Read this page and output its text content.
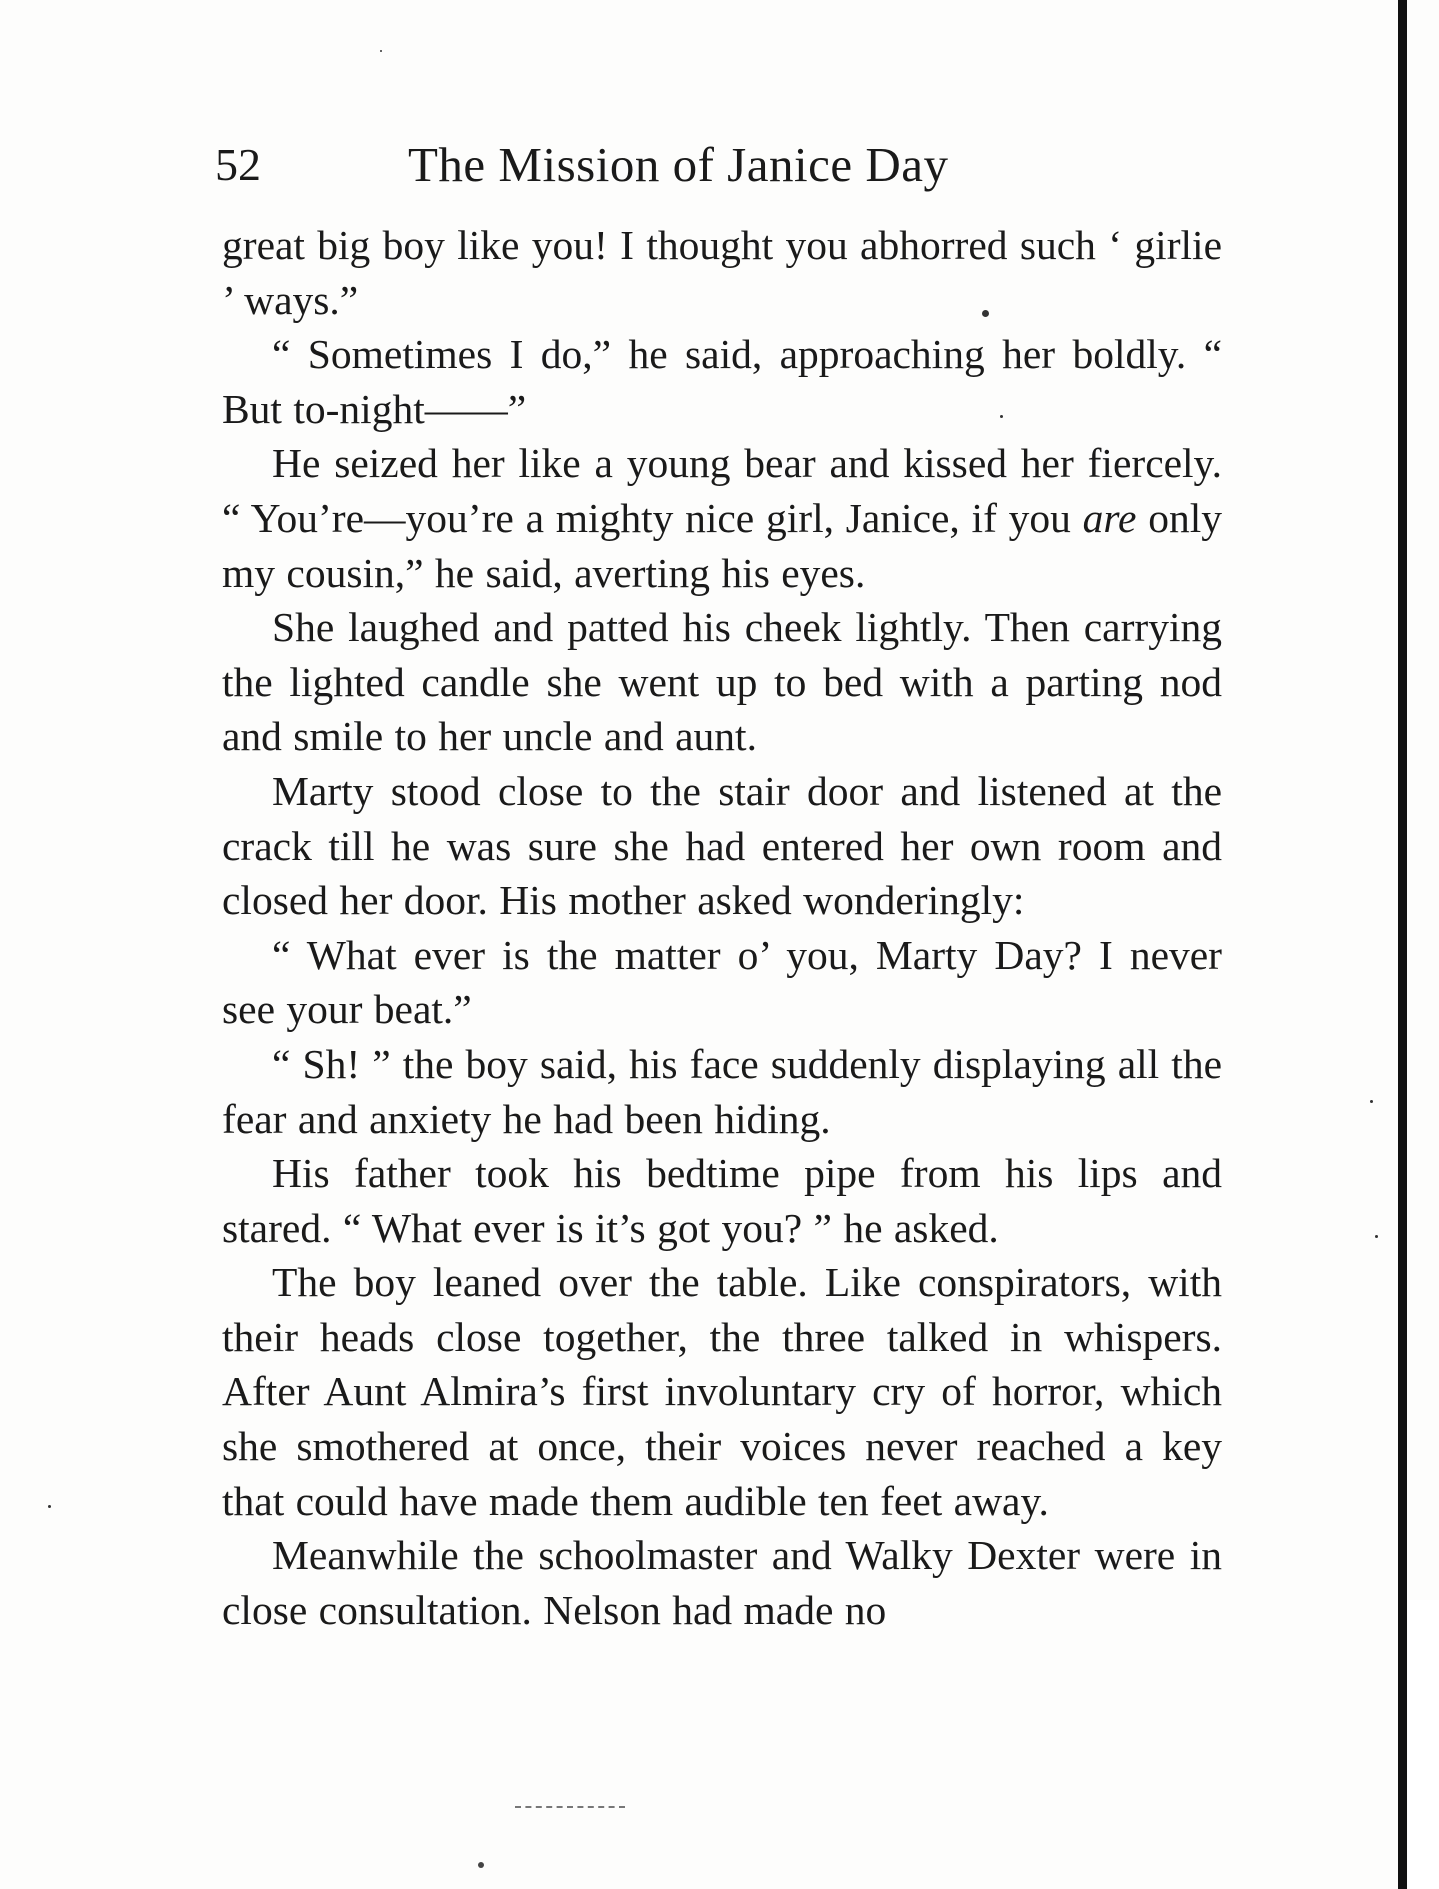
52	The Mission of Janice Day

great big boy like you! I thought you abhorred such ‘ girlie ’ ways.”

“ Sometimes I do,” he said, approaching her boldly. “ But to-night——”

He seized her like a young bear and kissed her fiercely. “ You’re—you’re a mighty nice girl, Janice, if you are only my cousin,” he said, averting his eyes.

She laughed and patted his cheek lightly. Then carrying the lighted candle she went up to bed with a parting nod and smile to her uncle and aunt.

Marty stood close to the stair door and listened at the crack till he was sure she had entered her own room and closed her door. His mother asked wonderingly:

“ What ever is the matter o’ you, Marty Day? I never see your beat.”

“ Sh! ” the boy said, his face suddenly displaying all the fear and anxiety he had been hiding.

His father took his bedtime pipe from his lips and stared. “ What ever is it’s got you? ” he asked.

The boy leaned over the table. Like conspirators, with their heads close together, the three talked in whispers. After Aunt Almira’s first involuntary cry of horror, which she smothered at once, their voices never reached a key that could have made them audible ten feet away.

Meanwhile the schoolmaster and Walky Dexter were in close consultation. Nelson had made no
